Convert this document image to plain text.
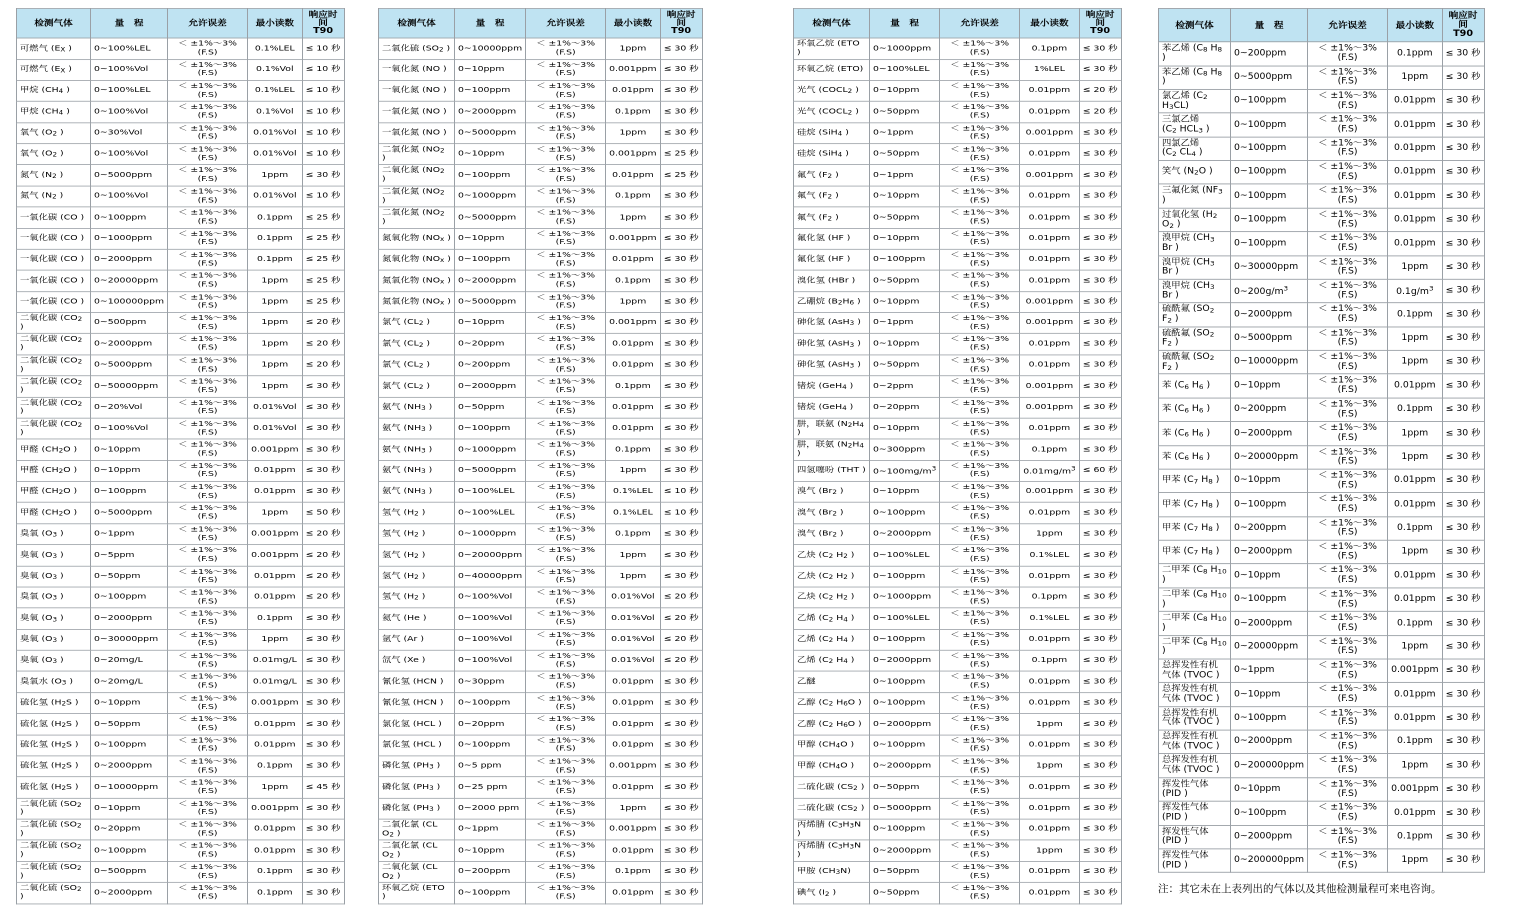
检测气体	量　程	允许误差	最小读数	响应时间
T90
可燃气 ($E_X$ )	0~100%LEL	＜ ±1%～3%(F.S)	0.1%LEL	≤ 10 秒
可燃气 ($E_X$ )	0~100%Vol	＜ ±1%～3%(F.S)	0.1%Vol	≤ 10 秒
甲烷 ($CH_4$ )	0~100%LEL	＜ ±1%～3%(F.S)	0.1%LEL	≤ 10 秒
甲烷 ($CH_4$ )	0~100%Vol	＜ ±1%～3%(F.S)	0.1%Vol	≤ 10 秒
氧气 ($O_2$ )	0~30%Vol	＜ ±1%～3%(F.S)	0.01%Vol	≤ 10 秒
氧气 ($O_2$ )	0~100%Vol	＜ ±1%～3%(F.S)	0.01%Vol	≤ 10 秒
氮气 ($N_2$ )	0~5000ppm	＜ ±1%～3%(F.S)	1ppm	≤ 30 秒
氮气 ($N_2$ )	0~100%Vol	＜ ±1%～3%(F.S)	0.01%Vol	≤ 10 秒
一氧化碳 (CO )	0~100ppm	＜ ±1%～3%(F.S)	0.1ppm	≤ 25 秒
一氧化碳 (CO )	0~1000ppm	＜ ±1%～3%(F.S)	0.1ppm	≤ 25 秒
一氧化碳 (CO )	0~2000ppm	＜ ±1%～3%(F.S)	0.1ppm	≤ 25 秒
一氧化碳 (CO )	0~20000ppm	＜ ±1%～3%(F.S)	1ppm	≤ 25 秒
一氧化碳 (CO )	0~100000ppm	＜ ±1%～3%(F.S)	1ppm	≤ 25 秒
二氧化碳 ($CO_2$ )	0~500ppm	＜ ±1%～3%(F.S)	1ppm	≤ 20 秒
二氧化碳 ($CO_2$ )	0~2000ppm	＜ ±1%～3%(F.S)	1ppm	≤ 20 秒
二氧化碳 ($CO_2$ )	0~5000ppm	＜ ±1%～3%(F.S)	1ppm	≤ 20 秒
二氧化碳 ($CO_2$ )	0~50000ppm	＜ ±1%～3%(F.S)	1ppm	≤ 30 秒
二氧化碳 ($CO_2$ )	0~20%Vol	＜ ±1%～3%(F.S)	0.01%Vol	≤ 30 秒
二氧化碳 ($CO_2$ )	0~100%Vol	＜ ±1%～3%(F.S)	0.01%Vol	≤ 30 秒
甲醛 ($CH_2O$ )	0~10ppm	＜ ±1%～3%(F.S)	0.001ppm	≤ 30 秒
甲醛 ($CH_2O$ )	0~10ppm	＜ ±1%～3%(F.S)	0.01ppm	≤ 30 秒
甲醛 ($CH_2O$ )	0~100ppm	＜ ±1%～3%(F.S)	0.01ppm	≤ 30 秒
甲醛 ($CH_2O$ )	0~5000ppm	＜ ±1%～3%(F.S)	1ppm	≤ 50 秒
臭氧 ($O_3$ )	0~1ppm	＜ ±1%～3%(F.S)	0.001ppm	≤ 20 秒
臭氧 ($O_3$ )	0~5ppm	＜ ±1%～3%(F.S)	0.001ppm	≤ 20 秒
臭氧 ($O_3$ )	0~50ppm	＜ ±1%～3%(F.S)	0.01ppm	≤ 20 秒
臭氧 ($O_3$ )	0~100ppm	＜ ±1%～3%(F.S)	0.01ppm	≤ 20 秒
臭氧 ($O_3$ )	0~2000ppm	＜ ±1%～3%(F.S)	0.1ppm	≤ 30 秒
臭氧 ($O_3$ )	0~30000ppm	＜ ±1%～3%(F.S)	1ppm	≤ 30 秒
臭氧 ($O_3$ )	0~20mg/L	＜ ±1%～3%(F.S)	0.01mg/L	≤ 30 秒
臭氧水 ($O_3$ )	0~20mg/L	＜ ±1%～3%(F.S)	0.01mg/L	≤ 30 秒
硫化氢 ($H_2S$ )	0~10ppm	＜ ±1%～3%(F.S)	0.001ppm	≤ 30 秒
硫化氢 ($H_2S$ )	0~50ppm	＜ ±1%～3%(F.S)	0.01ppm	≤ 30 秒
硫化氢 ($H_2S$ )	0~100ppm	＜ ±1%～3%(F.S)	0.01ppm	≤ 30 秒
硫化氢 ($H_2S$ )	0~2000ppm	＜ ±1%～3%(F.S)	0.1ppm	≤ 30 秒
硫化氢 ($H_2S$ )	0~10000ppm	＜ ±1%～3%(F.S)	1ppm	≤ 45 秒
二氧化硫 ($SO_2$ )	0~10ppm	＜ ±1%～3%(F.S)	0.001ppm	≤ 30 秒
二氧化硫 ($SO_2$ )	0~20ppm	＜ ±1%～3%(F.S)	0.01ppm	≤ 30 秒
二氧化硫 ($SO_2$ )	0~100ppm	＜ ±1%～3%(F.S)	0.01ppm	≤ 30 秒
二氧化硫 ($SO_2$ )	0~500ppm	＜ ±1%～3%(F.S)	0.1ppm	≤ 30 秒
二氧化硫 ($SO_2$ )	0~2000ppm	＜ ±1%～3%(F.S)	0.1ppm	≤ 30 秒
检测气体	量　程	允许误差	最小读数	响应时间
T90
二氧化硫 ($SO_2$ )	0~10000ppm	＜ ±1%～3%(F.S)	1ppm	≤ 30 秒
一氧化氮 (NO )	0~10ppm	＜ ±1%～3%(F.S)	0.001ppm	≤ 30 秒
一氧化氮 (NO )	0~100ppm	＜ ±1%～3%(F.S)	0.01ppm	≤ 30 秒
一氧化氮 (NO )	0~2000ppm	＜ ±1%～3%(F.S)	0.1ppm	≤ 30 秒
一氧化氮 (NO )	0~5000ppm	＜ ±1%～3%(F.S)	1ppm	≤ 30 秒
二氧化氮 ($NO_2$ )	0~10ppm	＜ ±1%～3%(F.S)	0.001ppm	≤ 25 秒
二氧化氮 ($NO_2$ )	0~100ppm	＜ ±1%～3%(F.S)	0.01ppm	≤ 25 秒
二氧化氮 ($NO_2$ )	0~1000ppm	＜ ±1%～3%(F.S)	0.1ppm	≤ 30 秒
二氧化氮 ($NO_2$ )	0~5000ppm	＜ ±1%～3%(F.S)	1ppm	≤ 30 秒
氮氧化物 ($NO_x$ )	0~10ppm	＜ ±1%～3%(F.S)	0.001ppm	≤ 30 秒
氮氧化物 ($NO_x$ )	0~100ppm	＜ ±1%～3%(F.S)	0.01ppm	≤ 30 秒
氮氧化物 ($NO_x$ )	0~2000ppm	＜ ±1%～3%(F.S)	0.1ppm	≤ 30 秒
氮氧化物 ($NO_x$ )	0~5000ppm	＜ ±1%～3%(F.S)	1ppm	≤ 30 秒
氯气 ($CL_2$ )	0~10ppm	＜ ±1%～3%(F.S)	0.001ppm	≤ 30 秒
氯气 ($CL_2$ )	0~20ppm	＜ ±1%～3%(F.S)	0.01ppm	≤ 30 秒
氯气 ($CL_2$ )	0~200ppm	＜ ±1%～3%(F.S)	0.01ppm	≤ 30 秒
氯气 ($CL_2$ )	0~2000ppm	＜ ±1%～3%(F.S)	0.1ppm	≤ 30 秒
氨气 ($NH_3$ )	0~50ppm	＜ ±1%～3%(F.S)	0.01ppm	≤ 30 秒
氨气 ($NH_3$ )	0~100ppm	＜ ±1%～3%(F.S)	0.01ppm	≤ 30 秒
氨气 ($NH_3$ )	0~1000ppm	＜ ±1%～3%(F.S)	0.1ppm	≤ 30 秒
氨气 ($NH_3$ )	0~5000ppm	＜ ±1%～3%(F.S)	1ppm	≤ 30 秒
氨气 ($NH_3$ )	0~100%LEL	＜ ±1%～3%(F.S)	0.1%LEL	≤ 10 秒
氢气 ($H_2$ )	0~100%LEL	＜ ±1%～3%(F.S)	0.1%LEL	≤ 10 秒
氢气 ($H_2$ )	0~1000ppm	＜ ±1%～3%(F.S)	0.1ppm	≤ 30 秒
氢气 ($H_2$ )	0~20000ppm	＜ ±1%～3%(F.S)	1ppm	≤ 30 秒
氢气 ($H_2$ )	0~40000ppm	＜ ±1%～3%(F.S)	1ppm	≤ 30 秒
氢气 ($H_2$ )	0~100%Vol	＜ ±1%～3%(F.S)	0.01%Vol	≤ 20 秒
氦气 (He )	0~100%Vol	＜ ±1%～3%(F.S)	0.01%Vol	≤ 20 秒
氩气 (Ar )	0~100%Vol	＜ ±1%～3%(F.S)	0.01%Vol	≤ 20 秒
氙气 (Xe )	0~100%Vol	＜ ±1%～3%(F.S)	0.01%Vol	≤ 20 秒
氰化氢 (HCN )	0~30ppm	＜ ±1%～3%(F.S)	0.01ppm	≤ 30 秒
氰化氢 (HCN )	0~100ppm	＜ ±1%～3%(F.S)	0.01ppm	≤ 30 秒
氯化氢 (HCL )	0~20ppm	＜ ±1%～3%(F.S)	0.01ppm	≤ 30 秒
氯化氢 (HCL )	0~100ppm	＜ ±1%～3%(F.S)	0.01ppm	≤ 30 秒
磷化氢 ($PH_3$ )	0~5 ppm	＜ ±1%～3%(F.S)	0.001ppm	≤ 30 秒
磷化氢 ($PH_3$ )	0~25 ppm	＜ ±1%～3%(F.S)	0.01ppm	≤ 30 秒
磷化氢 ($PH_3$ )	0~2000 ppm	＜ ±1%～3%(F.S)	1ppm	≤ 30 秒
二氧化氯 (CL $O_2$ )	0~1ppm	＜ ±1%～3%(F.S)	0.001ppm	≤ 30 秒
二氧化氯 (CL $O_2$ )	0~10ppm	＜ ±1%～3%(F.S)	0.01ppm	≤ 30 秒
二氧化氯 (CL $O_2$ )	0~200ppm	＜ ±1%～3%(F.S)	0.1ppm	≤ 30 秒
环氧乙烷 (ETO )	0~100ppm	＜ ±1%～3%(F.S)	0.01ppm	≤ 30 秒
检测气体	量　程	允许误差	最小读数	响应时间
T90
环氧乙烷 (ETO )	0~1000ppm	＜ ±1%～3%(F.S)	0.1ppm	≤ 30 秒
环氧乙烷 (ETO)	0~100%LEL	＜ ±1%～3%(F.S)	1%LEL	≤ 30 秒
光气 ($COCL_2$ )	0~10ppm	＜ ±1%～3%(F.S)	0.01ppm	≤ 20 秒
光气 ($COCL_2$ )	0~50ppm	＜ ±1%～3%(F.S)	0.01ppm	≤ 20 秒
硅烷 (SiH$_4$ )	0~1ppm	＜ ±1%～3%(F.S)	0.001ppm	≤ 30 秒
硅烷 (SiH$_4$ )	0~50ppm	＜ ±1%～3%(F.S)	0.01ppm	≤ 30 秒
氟气 ($F_2$ )	0~1ppm	＜ ±1%～3%(F.S)	0.001ppm	≤ 30 秒
氟气 ($F_2$ )	0~10ppm	＜ ±1%～3%(F.S)	0.01ppm	≤ 30 秒
氟气 ($F_2$ )	0~50ppm	＜ ±1%～3%(F.S)	0.01ppm	≤ 30 秒
氟化氢 (HF )	0~10ppm	＜ ±1%～3%(F.S)	0.01ppm	≤ 30 秒
氟化氢 (HF )	0~100ppm	＜ ±1%～3%(F.S)	0.01ppm	≤ 30 秒
溴化氢 (HBr )	0~50ppm	＜ ±1%～3%(F.S)	0.01ppm	≤ 30 秒
乙硼烷 ($B_2H_6$ )	0~10ppm	＜ ±1%～3%(F.S)	0.001ppm	≤ 30 秒
砷化氢 (AsH$_3$ )	0~1ppm	＜ ±1%～3%(F.S)	0.001ppm	≤ 30 秒
砷化氢 (AsH$_3$ )	0~10ppm	＜ ±1%～3%(F.S)	0.01ppm	≤ 30 秒
砷化氢 (AsH$_3$ )	0~50ppm	＜ ±1%～3%(F.S)	0.01ppm	≤ 30 秒
锗烷 (GeH$_4$ )	0~2ppm	＜ ±1%～3%(F.S)	0.001ppm	≤ 30 秒
锗烷 (GeH$_4$ )	0~20ppm	＜ ±1%～3%(F.S)	0.001ppm	≤ 30 秒
肼，联氨 ($N_2H_4$ )	0~10ppm	＜ ±1%～3%(F.S)	0.01ppm	≤ 30 秒
肼，联氨 ($N_2H_4$ )	0~300ppm	＜ ±1%～3%(F.S)	0.1ppm	≤ 30 秒
四氢噻吩 (THT )	$0\sim 100mg/m^3$	＜ ±1%～3%(F.S)	$0.01mg/m^3$	≤ 60 秒
溴气 ($Br_2$ )	0~10ppm	＜ ±1%～3%(F.S)	0.001ppm	≤ 30 秒
溴气 ($Br_2$ )	0~100ppm	＜ ±1%～3%(F.S)	0.01ppm	≤ 30 秒
溴气 ($Br_2$ )	0~2000ppm	＜ ±1%～3%(F.S)	1ppm	≤ 30 秒
乙炔 ($C_2$ $H_2$ )	0~100%LEL	＜ ±1%～3%(F.S)	0.1%LEL	≤ 30 秒
乙炔 ($C_2$ $H_2$ )	0~100ppm	＜ ±1%～3%(F.S)	0.01ppm	≤ 30 秒
乙炔 ($C_2$ $H_2$ )	0~1000ppm	＜ ±1%～3%(F.S)	0.1ppm	≤ 30 秒
乙烯 ($C_2$ $H_4$ )	0~100%LEL	＜ ±1%～3%(F.S)	0.1%LEL	≤ 30 秒
乙烯 ($C_2$ $H_4$ )	0~100ppm	＜ ±1%～3%(F.S)	0.01ppm	≤ 30 秒
乙烯 ($C_2$ $H_4$ )	0~2000ppm	＜ ±1%～3%(F.S)	0.1ppm	≤ 30 秒
乙醚	0~100ppm	＜ ±1%～3%(F.S)	0.01ppm	≤ 30 秒
乙醇 ($C_2$ $H_6O$ )	0~100ppm	＜ ±1%～3%(F.S)	0.01ppm	≤ 30 秒
乙醇 ($C_2$ $H_6O$ )	0~2000ppm	＜ ±1%～3%(F.S)	1ppm	≤ 30 秒
甲醇 ($CH_4O$ )	0~100ppm	＜ ±1%～3%(F.S)	0.01ppm	≤ 30 秒
甲醇 ($CH_4O$ )	0~2000ppm	＜ ±1%～3%(F.S)	1ppm	≤ 30 秒
二硫化碳 ($CS_2$ )	0~50ppm	＜ ±1%～3%(F.S)	0.01ppm	≤ 30 秒
二硫化碳 ($CS_2$ )	0~5000ppm	＜ ±1%～3%(F.S)	0.01ppm	≤ 30 秒
丙烯腈 ($C_3H_3N$ )	0~100ppm	＜ ±1%～3%(F.S)	0.01ppm	≤ 30 秒
丙烯腈 ($C_3H_3N$ )	0~2000ppm	＜ ±1%～3%(F.S)	1ppm	≤ 30 秒
甲胺 $(CH_3N)$	0~50ppm	＜ ±1%～3%(F.S)	0.01ppm	≤ 30 秒
碘气 ($I_2$ )	0~50ppm	＜ ±1%～3%(F.S)	0.01ppm	≤ 30 秒
检测气体	量　程	允许误差	最小读数	响应时间
T90
苯乙烯 ($C_8$ $H_8$ )	0~200ppm	＜ ±1%～3%(F.S)	0.1ppm	≤ 30 秒
苯乙烯 ($C_8$ $H_8$ )	0~5000ppm	＜ ±1%～3%(F.S)	1ppm	≤ 30 秒
氯乙烯 ($C_2$ $H_3CL$)	0~100ppm	＜ ±1%～3%(F.S)	0.01ppm	≤ 30 秒
三氯乙烯
($C_2$ $HCL_3$ )	0~100ppm	＜ ±1%～3%(F.S)	0.01ppm	≤ 30 秒
四氯乙烯
($C_2$ $CL_4$ )	0~100ppm	＜ ±1%～3%(F.S)	0.01ppm	≤ 30 秒
笑气 ($N_2O$ )	0~100ppm	＜ ±1%～3%(F.S)	0.01ppm	≤ 30 秒
三氟化氮 ($NF_3$ )	0~100ppm	＜ ±1%～3%(F.S)	0.01ppm	≤ 30 秒
过氧化氢 ($H_2$ $O_2$ )	0~100ppm	＜ ±1%～3%(F.S)	0.01ppm	≤ 30 秒
溴甲烷 ($CH_3$ Br )	0~100ppm	＜ ±1%～3%(F.S)	0.01ppm	≤ 30 秒
溴甲烷 ($CH_3$ Br )	0~30000ppm	＜ ±1%～3%(F.S)	1ppm	≤ 30 秒
溴甲烷 ($CH_3$ Br )	$0\sim 200g/m^3$	＜ ±1%～3%(F.S)	$0.1g/m^3$	≤ 30 秒
硫酰氟 ($SO_2$ $F_2$ )	0~2000ppm	＜ ±1%～3%(F.S)	0.1ppm	≤ 30 秒
硫酰氟 ($SO_2$ $F_2$ )	0~5000ppm	＜ ±1%～3%(F.S)	1ppm	≤ 30 秒
硫酰氟 ($SO_2$ $F_2$ )	0~10000ppm	＜ ±1%～3%(F.S)	1ppm	≤ 30 秒
苯 ($C_6$ $H_6$ )	0~10ppm	＜ ±1%～3%(F.S)	0.01ppm	≤ 30 秒
苯 ($C_6$ $H_6$ )	0~200ppm	＜ ±1%～3%(F.S)	0.1ppm	≤ 30 秒
苯 ($C_6$ $H_6$ )	0~2000ppm	＜ ±1%～3%(F.S)	1ppm	≤ 30 秒
苯 ($C_6$ $H_6$ )	0~20000ppm	＜ ±1%～3%(F.S)	1ppm	≤ 30 秒
甲苯 ($C_7$ $H_8$ )	0~10ppm	＜ ±1%～3%(F.S)	0.01ppm	≤ 30 秒
甲苯 ($C_7$ $H_8$ )	0~100ppm	＜ ±1%～3%(F.S)	0.01ppm	≤ 30 秒
甲苯 ($C_7$ $H_8$ )	0~200ppm	＜ ±1%～3%(F.S)	0.1ppm	≤ 30 秒
甲苯 ($C_7$ $H_8$ )	0~2000ppm	＜ ±1%～3%(F.S)	1ppm	≤ 30 秒
二甲苯 ($C_8$ $H_{10}$ )	0~10ppm	＜ ±1%～3%(F.S)	0.01ppm	≤ 30 秒
二甲苯 ($C_8$ $H_{10}$ )	0~100ppm	＜ ±1%～3%(F.S)	0.01ppm	≤ 30 秒
二甲苯 ($C_8$ $H_{10}$ )	0~2000ppm	＜ ±1%～3%(F.S)	0.1ppm	≤ 30 秒
二甲苯 ($C_8$ $H_{10}$ )	0~20000ppm	＜ ±1%～3%(F.S)	1ppm	≤ 30 秒
总挥发性有机
气体 (TVOC )	0~1ppm	＜ ±1%～3%(F.S)	0.001ppm	≤ 30 秒
总挥发性有机
气体 (TVOC )	0~10ppm	＜ ±1%～3%(F.S)	0.01ppm	≤ 30 秒
总挥发性有机
气体 (TVOC )	0~100ppm	＜ ±1%～3%(F.S)	0.01ppm	≤ 30 秒
总挥发性有机
气体 (TVOC )	0~2000ppm	＜ ±1%～3%(F.S)	0.1ppm	≤ 30 秒
总挥发性有机
气体 (TVOC )	0~200000ppm	＜ ±1%～3%(F.S)	1ppm	≤ 30 秒
挥发性气体 (PID )	0~10ppm	＜ ±1%～3%(F.S)	0.001ppm	≤ 30 秒
挥发性气体 (PID )	0~100ppm	＜ ±1%～3%(F.S)	0.01ppm	≤ 30 秒
挥发性气体 (PID )	0~2000ppm	＜ ±1%～3%(F.S)	0.1ppm	≤ 30 秒
挥发性气体 (PID )	0~200000ppm	＜ ±1%～3%(F.S)	1ppm	≤ 30 秒
注：其它未在上表列出的气体以及其他检测量程可来电咨询。
